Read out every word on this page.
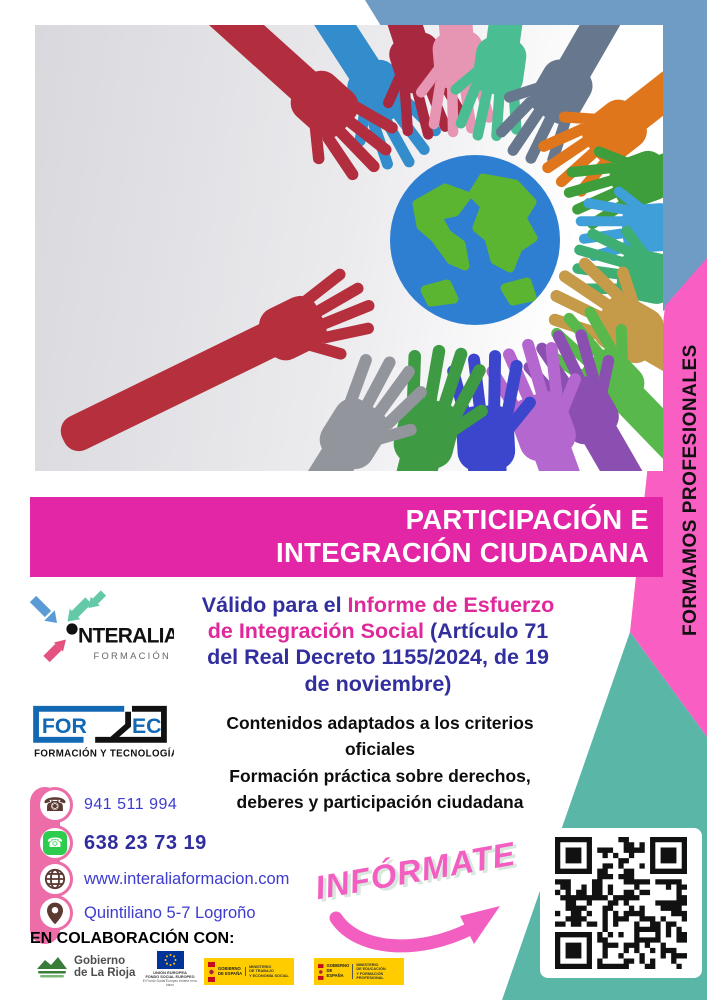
FORMAMOS PROFESIONALES
PARTICIPACIÓN E
INTEGRACIÓN CIUDADANA
Válido para el Informe de Esfuerzo de Integración Social (Artículo 71 del Real Decreto 1155/2024, de 19 de noviembre)
NTERALIA
FORMACIÓN
FOR EC
FORMACIÓN Y TECNOLOGÍA
Contenidos adaptados a los criterios oficiales
Formación práctica sobre derechos, deberes y participación ciudadana
☎ 941 511 994
☎ 638 23 73 19
www.interaliaformacion.com
Quintiliano 5-7 Logroño
INFÓRMATE
EN COLABORACIÓN CON:
Gobierno
de La Rioja	UNIÓN EUROPEA
FONDO SOCIAL EUROPEO
El Fondo Social Europeo invierte en tu futuro
GOBIERNO
DE ESPAÑA
MINISTERIO
DE TRABAJO
Y ECONOMÍA SOCIAL
GOBIERNO
DE ESPAÑA
MINISTERIO
DE EDUCACIÓN
Y FORMACIÓN PROFESIONAL
